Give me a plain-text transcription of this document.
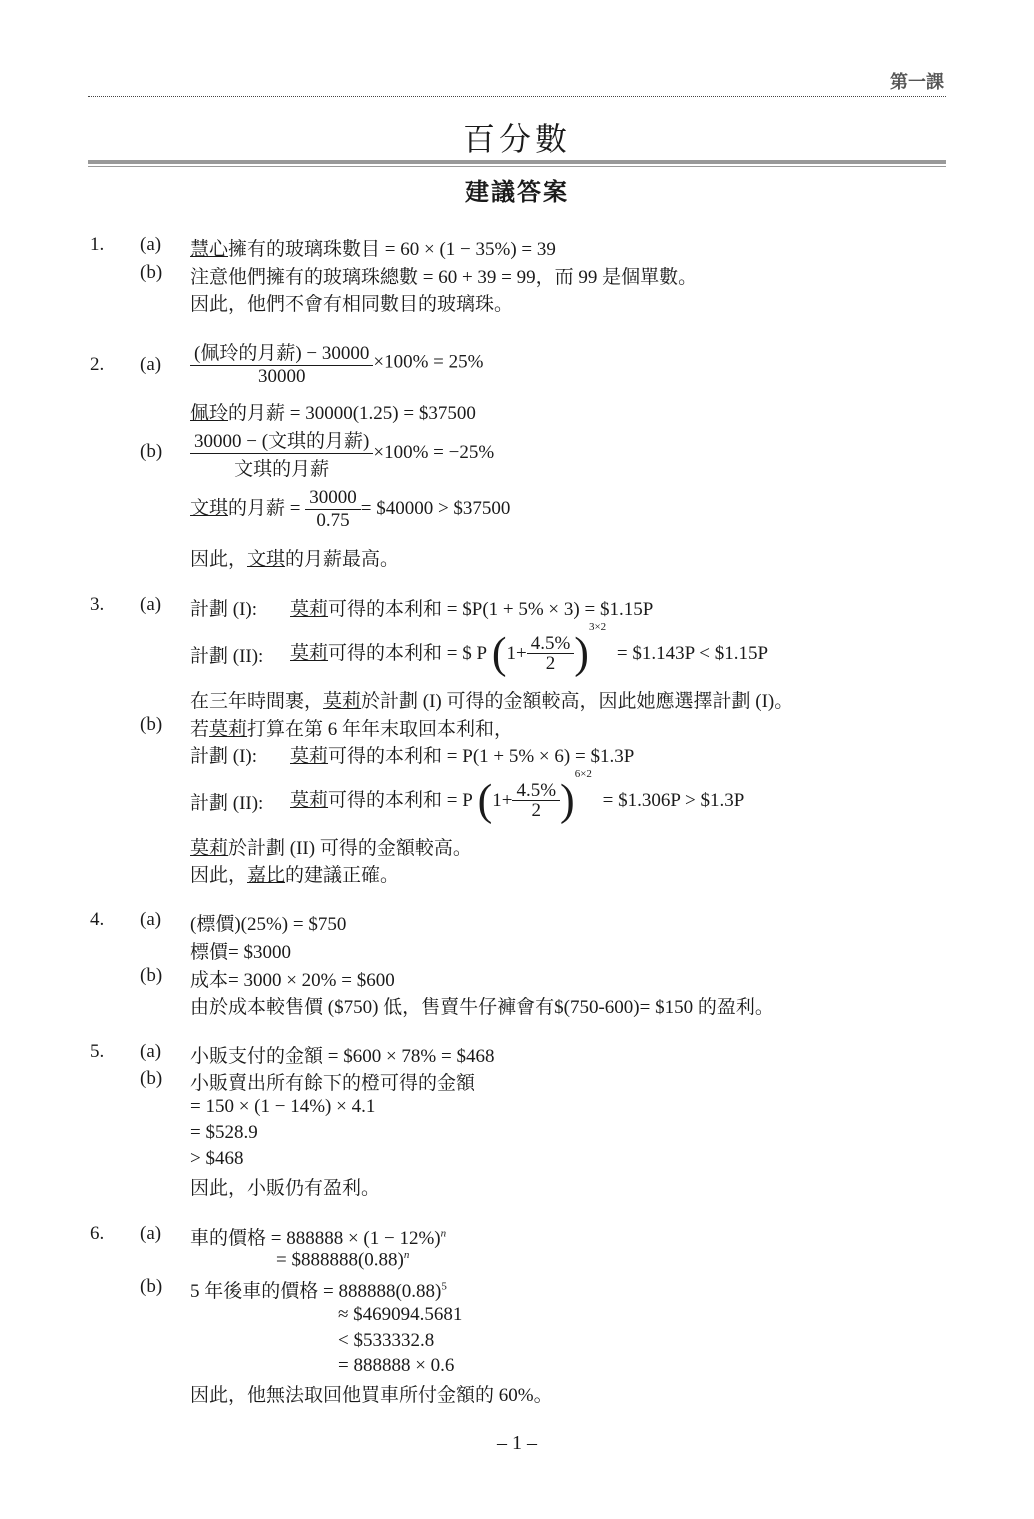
第一課
百分數
建議答案
1. (a) 慧心擁有的玻璃珠數目 = 60 × (1 − 35%) = 39
(b) 注意他們擁有的玻璃珠總數 = 60 + 39 = 99，而 99 是個單數。
因此，他們不會有相同數目的玻璃珠。
2. $(a) \frac{\text{(佩玲的月薪) − 30000}}{30000} \times 100\% = 25\%$
佩玲的月薪 = 30000(1.25) = $37500
$(b) \frac{\text{30000 − (文琪的月薪)}}{\text{文琪的月薪}} \times 100\% = -25\%$
文琪的月薪 = $\frac{30000}{0.75}$ = $40000 > $37500
因此，文琪的月薪最高。
3. (a) 計劃 (I): 莫莉可得的本利和 = $P(1 + 5% × 3) = $1.15P
計劃 (II): 莫莉可得的本利和 = $ P $(1+ \frac{4.5\%}{2} )^{3\times 2}$ = $1.143P < $1.15P
在三年時間裹，莫莉於計劃 (I) 可得的金額較高，因此她應選擇計劃 (I)。
(b) 若莫莉打算在第 6 年年末取回本利和，
計劃 (I): 莫莉可得的本利和 = P(1 + 5% × 6) = $1.3P
計劃 (II): 莫莉可得的本利和 = P $(1+ \frac{4.5\%}{2} )^{6\times 2}$ = $1.306P > $1.3P
莫莉於計劃 (II) 可得的金額較高。
因此，嘉比的建議正確。
4. (a) (標價)(25%) = $750
標價= $3000
(b) 成本= 3000 × 20% = $600
由於成本較售價 ($750) 低，售賣牛仔褲會有$(750-600)= $150 的盈利。
5. (a) 小販支付的金額 = $600 × 78% = $468
(b) 小販賣出所有餘下的橙可得的金額
= 150 × (1 − 14%) × 4.1
= $528.9
> $468
因此，小販仍有盈利。
6. (a) 車的價格 = $888888 \times (1 - 12\%)^n$
= $\$888888(0.88)^n$
(b) 5 年後車的價格 = $888888(0.88)^5$
≈ $469094.5681
< $533332.8
= 888888 × 0.6
因此，他無法取回他買車所付金額的 60%。
– 1 –
